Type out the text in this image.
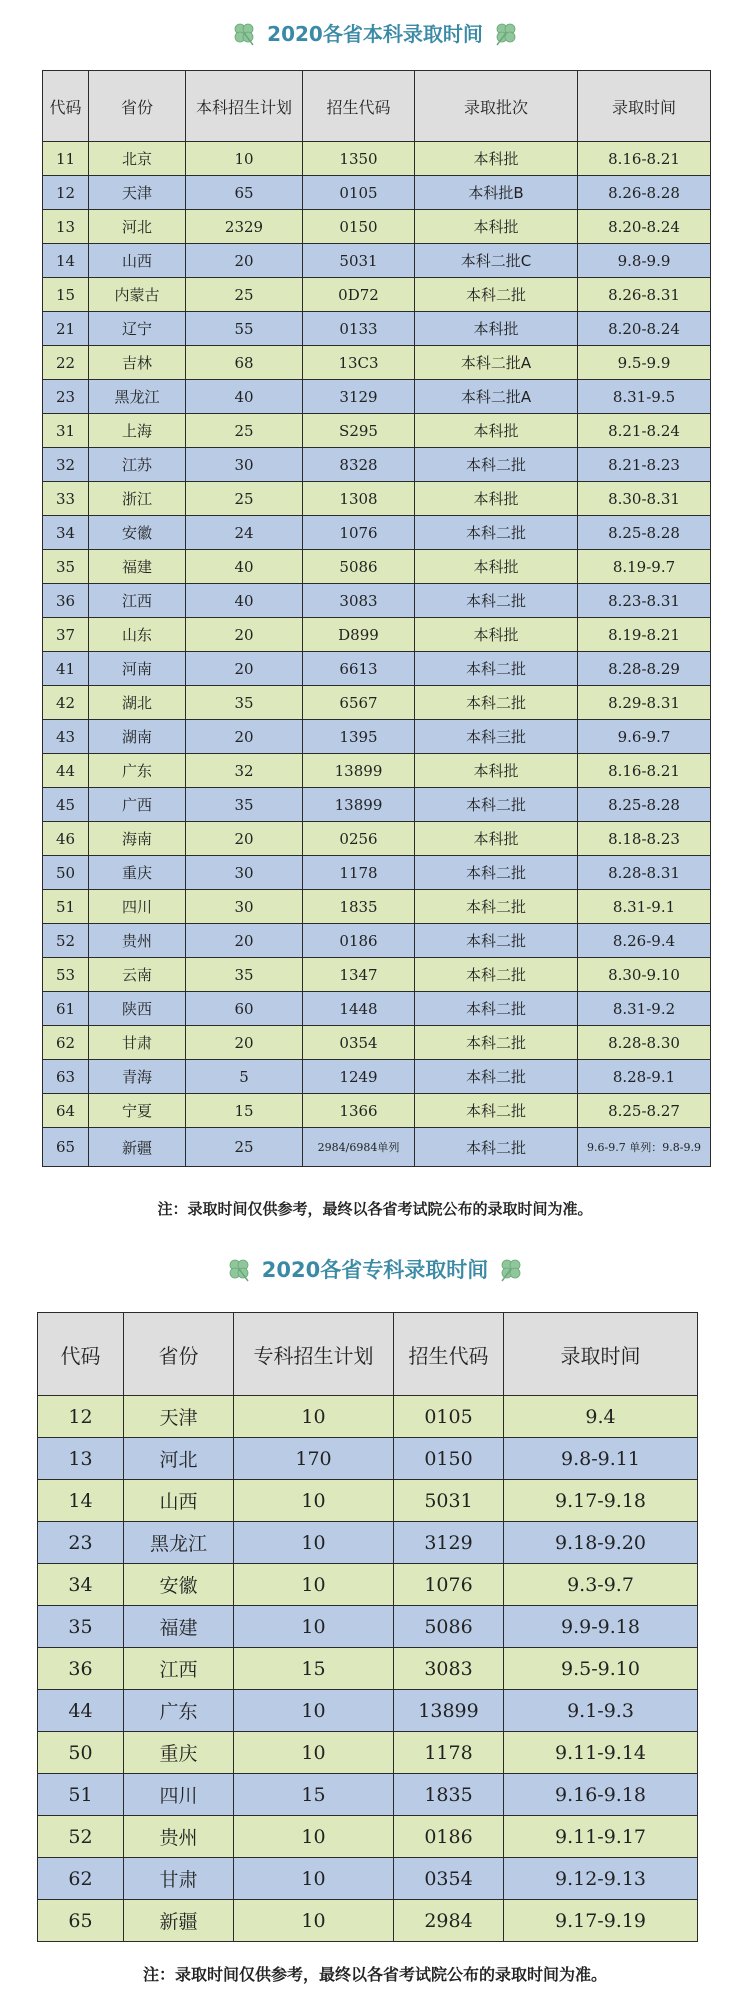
2020各省本科录取时间
代码	省份	本科招生计划	招生代码	录取批次	录取时间
11	北京	10	1350	本科批	8.16-8.21
12	天津	65	0105	本科批B	8.26-8.28
13	河北	2329	0150	本科批	8.20-8.24
14	山西	20	5031	本科二批C	9.8-9.9
15	内蒙古	25	0D72	本科二批	8.26-8.31
21	辽宁	55	0133	本科批	8.20-8.24
22	吉林	68	13C3	本科二批A	9.5-9.9
23	黑龙江	40	3129	本科二批A	8.31-9.5
31	上海	25	S295	本科批	8.21-8.24
32	江苏	30	8328	本科二批	8.21-8.23
33	浙江	25	1308	本科批	8.30-8.31
34	安徽	24	1076	本科二批	8.25-8.28
35	福建	40	5086	本科批	8.19-9.7
36	江西	40	3083	本科二批	8.23-8.31
37	山东	20	D899	本科批	8.19-8.21
41	河南	20	6613	本科二批	8.28-8.29
42	湖北	35	6567	本科二批	8.29-8.31
43	湖南	20	1395	本科三批	9.6-9.7
44	广东	32	13899	本科批	8.16-8.21
45	广西	35	13899	本科二批	8.25-8.28
46	海南	20	0256	本科批	8.18-8.23
50	重庆	30	1178	本科二批	8.28-8.31
51	四川	30	1835	本科二批	8.31-9.1
52	贵州	20	0186	本科二批	8.26-9.4
53	云南	35	1347	本科二批	8.30-9.10
61	陕西	60	1448	本科二批	8.31-9.2
62	甘肃	20	0354	本科二批	8.28-8.30
63	青海	5	1249	本科二批	8.28-9.1
64	宁夏	15	1366	本科二批	8.25-8.27
65	新疆	25	2984/6984单列	本科二批	9.6-9.7 单列：9.8-9.9
注：录取时间仅供参考，最终以各省考试院公布的录取时间为准。
2020各省专科录取时间
代码	省份	专科招生计划	招生代码	录取时间
12	天津	10	0105	9.4
13	河北	170	0150	9.8-9.11
14	山西	10	5031	9.17-9.18
23	黑龙江	10	3129	9.18-9.20
34	安徽	10	1076	9.3-9.7
35	福建	10	5086	9.9-9.18
36	江西	15	3083	9.5-9.10
44	广东	10	13899	9.1-9.3
50	重庆	10	1178	9.11-9.14
51	四川	15	1835	9.16-9.18
52	贵州	10	0186	9.11-9.17
62	甘肃	10	0354	9.12-9.13
65	新疆	10	2984	9.17-9.19
注：录取时间仅供参考，最终以各省考试院公布的录取时间为准。
